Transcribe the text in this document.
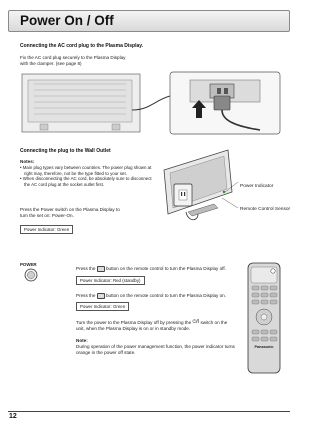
Power On / Off
Connecting the AC cord plug to the Plasma Display.
Fix the AC cord plug securely to the Plasma Display
with the clamper. (see page 8)
Connecting the plug to the Wall Outlet
Notes:
• Main plug types vary between countries. The power plug shown at right may, therefore, not be the type fitted to your set.
• When disconnecting the AC cord, be absolutely sure to disconnect the AC cord plug at the socket outlet first.
Press the Power switch on the Plasma Display to
turn the set on: Power-On.
Power Indicator: Green
Power Indicator
Remote Control Sensor
POWER
Press the button on the remote control to turn the Plasma Display off.
Power Indicator: Red (standby)
Press the button on the remote control to turn the Plasma Display on.
Power Indicator: Green
Turn the power to the Plasma Display off by pressing the ⏻/I switch on the
unit, when the Plasma Display is on or in standby mode.
Note:
During operation of the power management function, the power indicator turns
orange in the power off state.
Panasonic
12
